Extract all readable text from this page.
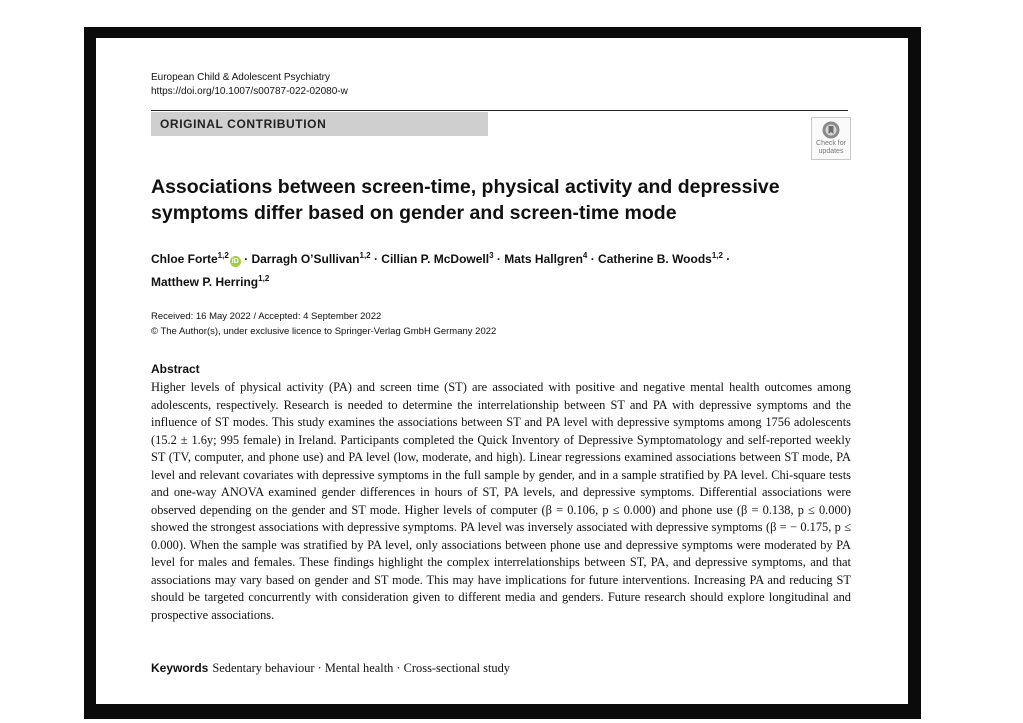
European Child & Adolescent Psychiatry
https://doi.org/10.1007/s00787-022-02080-w
ORIGINAL CONTRIBUTION
Check for
updates
Associations between screen-time, physical activity and depressive symptoms differ based on gender and screen-time mode
Chloe Forte$^{1,2}$iD · Darragh O’Sullivan$^{1,2}$ · Cillian P. McDowell$^3$ · Mats Hallgren$^4$ · Catherine B. Woods$^{1,2}$ ·
Matthew P. Herring$^{1,2}$
Received: 16 May 2022 / Accepted: 4 September 2022
© The Author(s), under exclusive licence to Springer-Verlag GmbH Germany 2022
Abstract
Higher levels of physical activity (PA) and screen time (ST) are associated with positive and negative mental health outcomes among adolescents, respectively. Research is needed to determine the interrelationship between ST and PA with depressive symptoms and the influence of ST modes. This study examines the associations between ST and PA level with depressive symptoms among 1756 adolescents (15.2 ± 1.6y; 995 female) in Ireland. Participants completed the Quick Inventory of Depressive Symptomatology and self-reported weekly ST (TV, computer, and phone use) and PA level (low, moderate, and high). Linear regressions examined associations between ST mode, PA level and relevant covariates with depressive symptoms in the full sample by gender, and in a sample stratified by PA level. Chi-square tests and one-way ANOVA examined gender differences in hours of ST, PA levels, and depressive symptoms. Differential associations were observed depending on the gender and ST mode. Higher levels of computer (β = 0.106, p ≤ 0.000) and phone use (β = 0.138, p ≤ 0.000) showed the strongest associations with depressive symptoms. PA level was inversely associated with depressive symptoms (β = − 0.175, p ≤ 0.000). When the sample was stratified by PA level, only associations between phone use and depressive symptoms were moderated by PA level for males and females. These findings highlight the complex interrelationships between ST, PA, and depressive symptoms, and that associations may vary based on gender and ST mode. This may have implications for future interventions. Increasing PA and reducing ST should be targeted concurrently with consideration given to different media and genders. Future research should explore longitudinal and prospective associations.
Keywords Sedentary behaviour · Mental health · Cross-sectional study
